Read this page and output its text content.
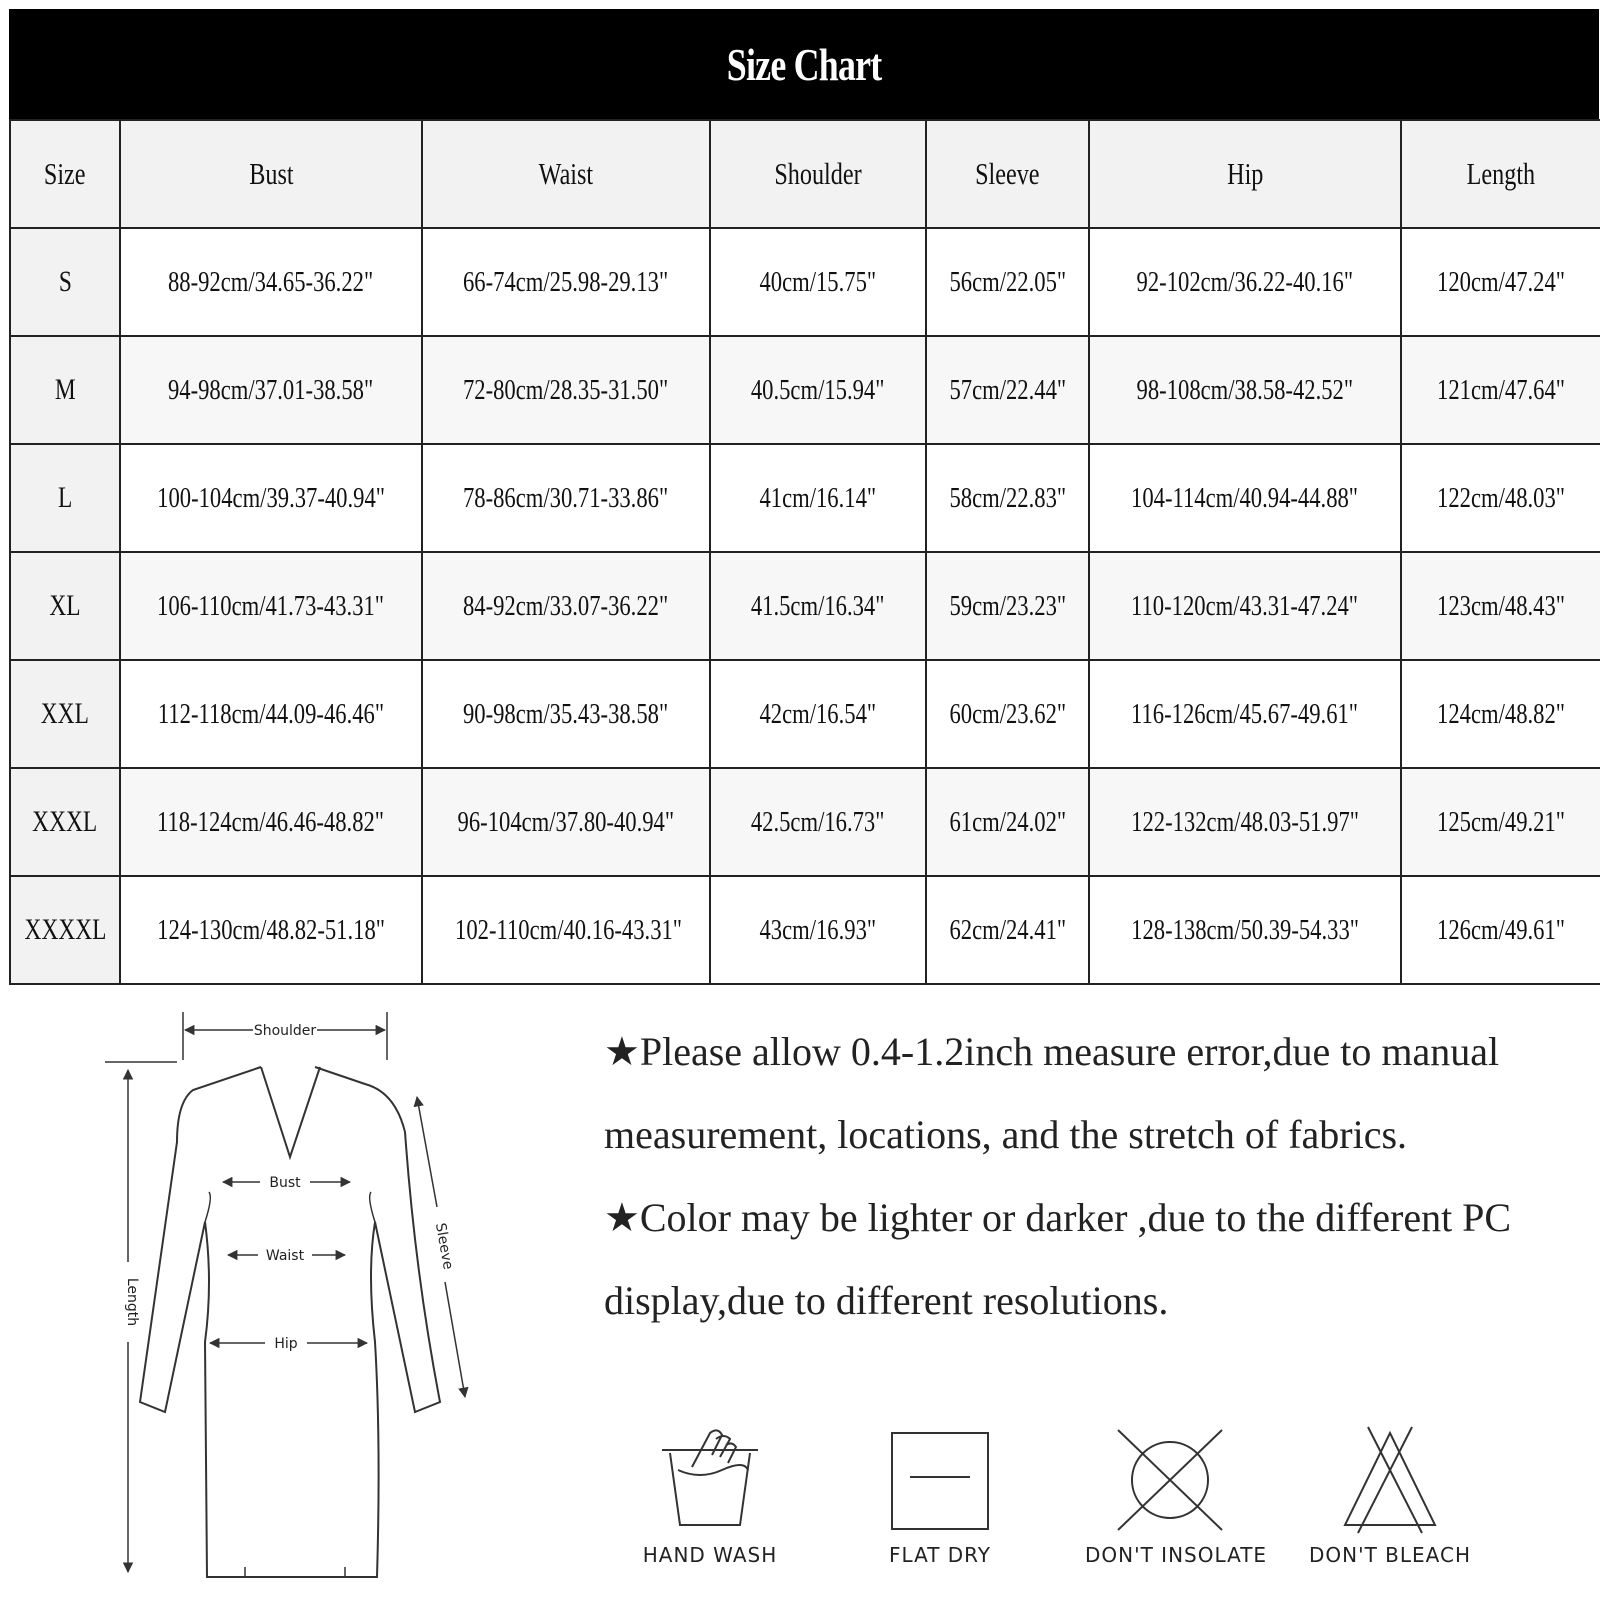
Size Chart
Size	Bust	Waist	Shoulder	Sleeve	Hip	Length
S	88-92cm/34.65-36.22"	66-74cm/25.98-29.13"	40cm/15.75"	56cm/22.05"	92-102cm/36.22-40.16"	120cm/47.24"
M	94-98cm/37.01-38.58"	72-80cm/28.35-31.50"	40.5cm/15.94"	57cm/22.44"	98-108cm/38.58-42.52"	121cm/47.64"
L	100-104cm/39.37-40.94"	78-86cm/30.71-33.86"	41cm/16.14"	58cm/22.83"	104-114cm/40.94-44.88"	122cm/48.03"
XL	106-110cm/41.73-43.31"	84-92cm/33.07-36.22"	41.5cm/16.34"	59cm/23.23"	110-120cm/43.31-47.24"	123cm/48.43"
XXL	112-118cm/44.09-46.46"	90-98cm/35.43-38.58"	42cm/16.54"	60cm/23.62"	116-126cm/45.67-49.61"	124cm/48.82"
XXXL	118-124cm/46.46-48.82"	96-104cm/37.80-40.94"	42.5cm/16.73"	61cm/24.02"	122-132cm/48.03-51.97"	125cm/49.21"
XXXXL	124-130cm/48.82-51.18"	102-110cm/40.16-43.31"	43cm/16.93"	62cm/24.41"	128-138cm/50.39-54.33"	126cm/49.61"
Shoulder
Length
Bust
Waist
Hip
Sleeve

★Please allow 0.4-1.2inch measure error,due to manual measurement, locations, and the stretch of fabrics.

★Color may be lighter or darker ,due to the different PC display,due to different resolutions.

HAND WASH	FLAT DRY	DON'T INSOLATE DON'T BLEACH
